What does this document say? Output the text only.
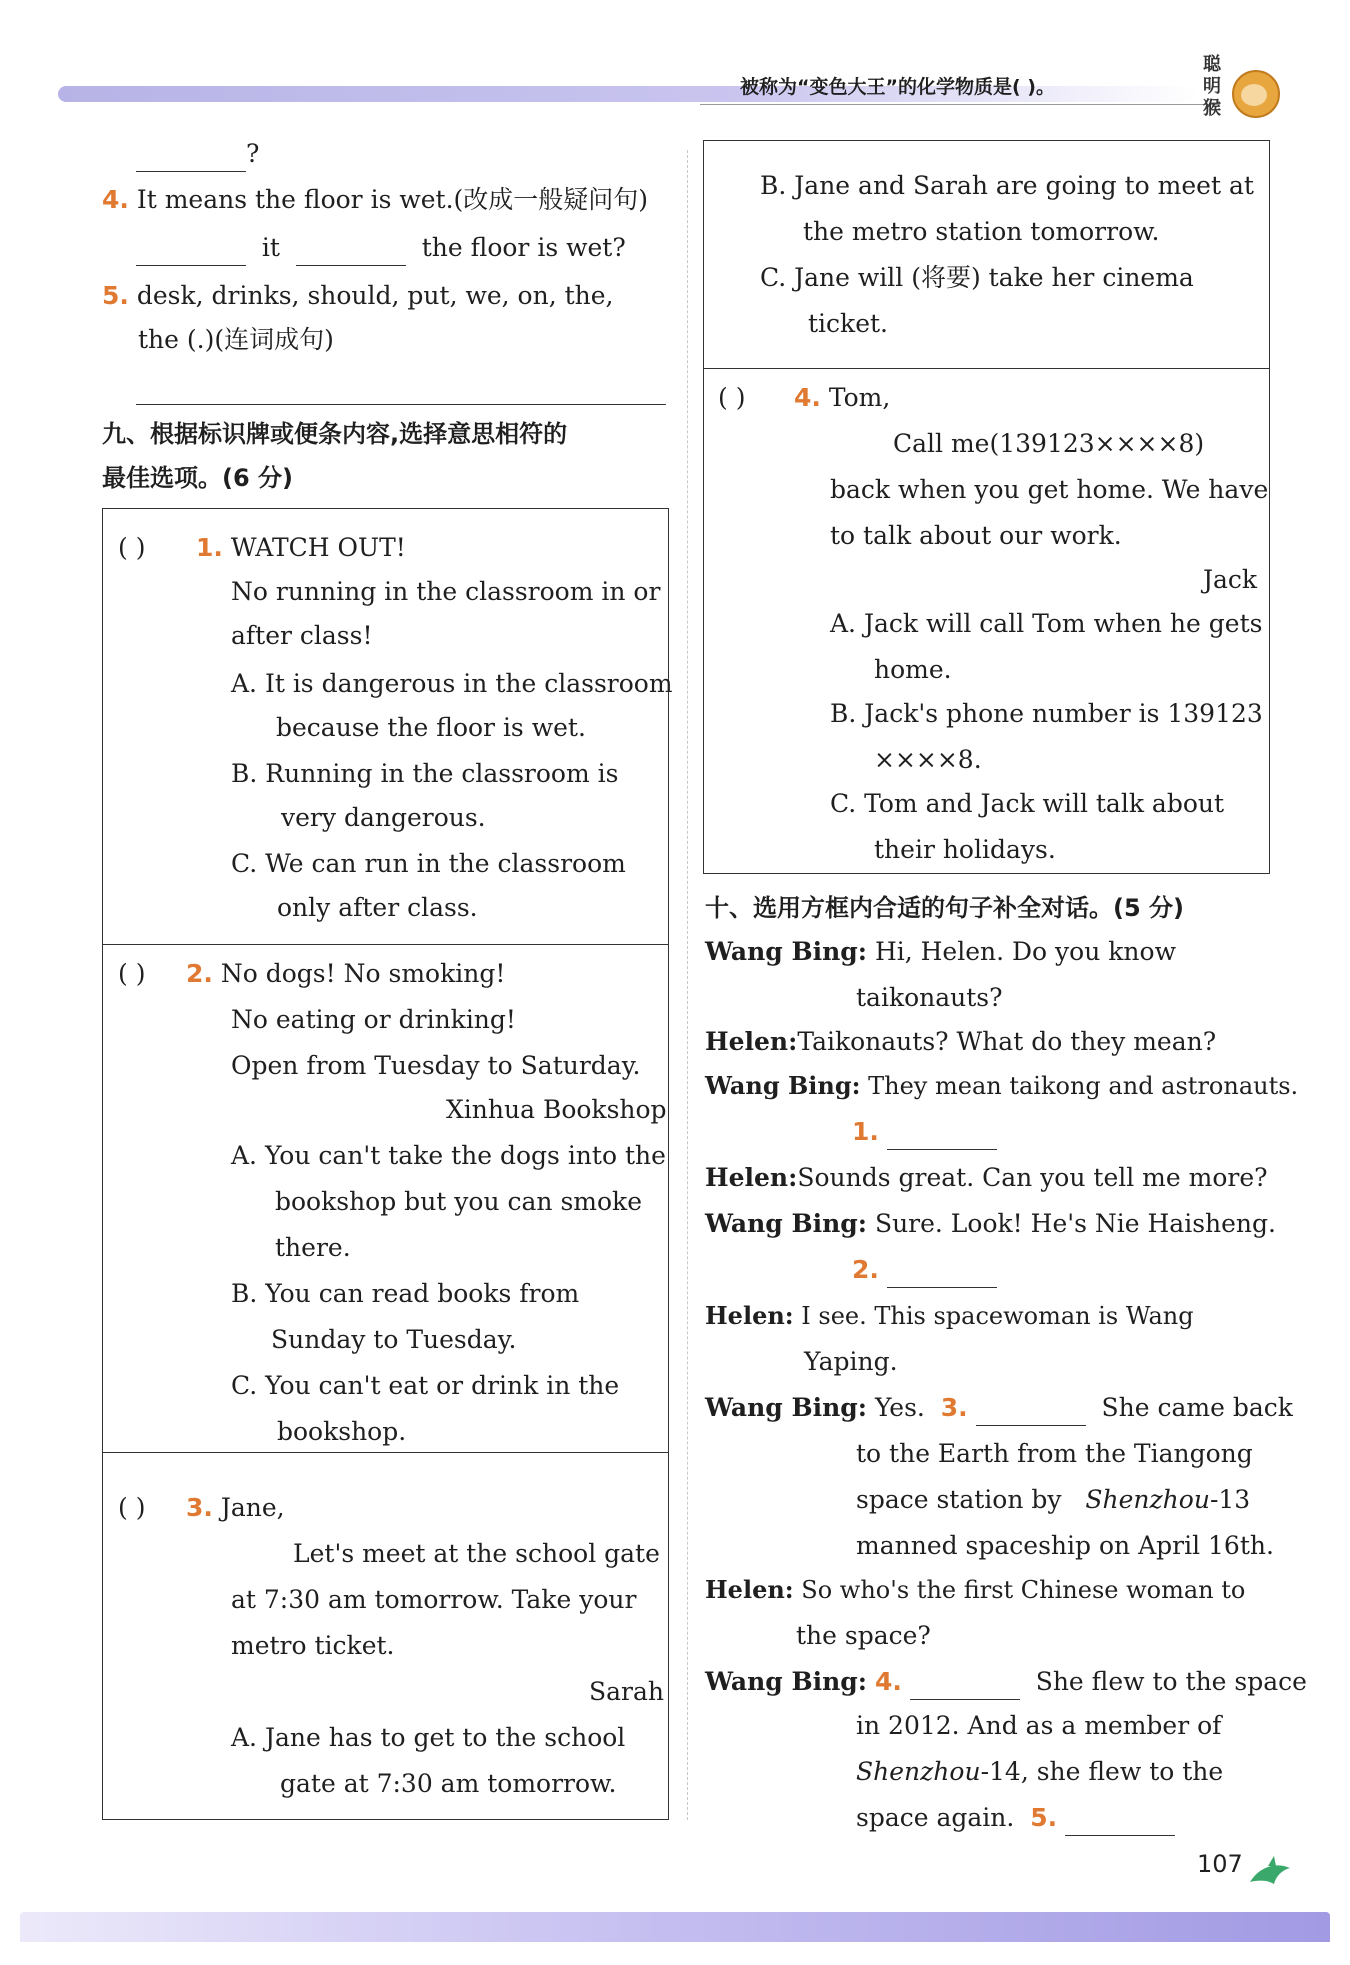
被称为“变色大王”的化学物质是( )。
聪明猴
?
4. It means the floor is wet.(改成一般疑问句)
it	the floor is wet?
5. desk, drinks, should, put, we, on, the,
the (.)(连词成句)
九、根据标识牌或便条内容,选择意思相符的
最佳选项。(6 分)
( ) 1. WATCH OUT!
No running in the classroom in or
after class!
A. It is dangerous in the classroom
because the floor is wet.
B. Running in the classroom is
very dangerous.
C. We can run in the classroom
only after class.
( ) 2. No dogs! No smoking!
No eating or drinking!
Open from Tuesday to Saturday.
Xinhua Bookshop
A. You can't take the dogs into the
bookshop but you can smoke
there.
B. You can read books from
Sunday to Tuesday.
C. You can't eat or drink in the
bookshop.
( ) 3. Jane,
Let's meet at the school gate
at 7:30 am tomorrow. Take your
metro ticket.
Sarah
A. Jane has to get to the school
gate at 7:30 am tomorrow.
B. Jane and Sarah are going to meet at
the metro station tomorrow.
C. Jane will (将要) take her cinema
ticket.
( ) 4. Tom,
Call me(139123××××8)
back when you get home. We have
to talk about our work.
Jack
A. Jack will call Tom when he gets
home.
B. Jack's phone number is 139123
××××8.
C. Tom and Jack will talk about
their holidays.
十、选用方框内合适的句子补全对话。(5 分)
Wang Bing: Hi, Helen. Do you know
taikonauts?
Helen:Taikonauts? What do they mean?
Wang Bing: They mean taikong and astronauts.
1.
Helen:Sounds great. Can you tell me more?
Wang Bing: Sure. Look! He's Nie Haisheng.
2.
Helen: I see. This spacewoman is Wang
Yaping.
Wang Bing: Yes. 3.	She came back
to the Earth from the Tiangong
space station by Shenzhou-13
manned spaceship on April 16th.
Helen: So who's the first Chinese woman to
the space?
Wang Bing: 4.	She flew to the space
in 2012. And as a member of
Shenzhou-14, she flew to the
space again. 5.
107
